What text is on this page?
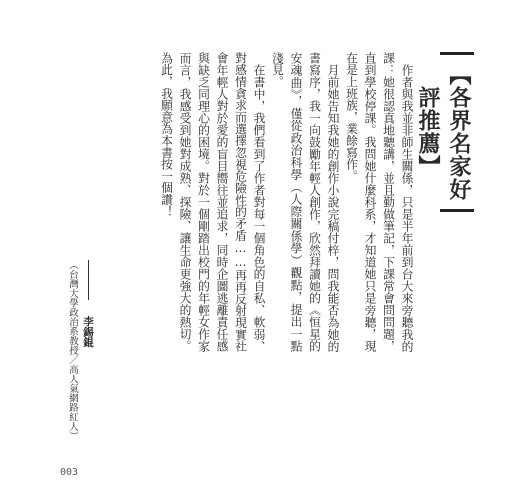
【各界名家好評推薦】

作者與我並非師生關係，只是半年前到台大來旁聽我的課：她很認真地聽講，並且勤做筆記，下課常會問問題，直到學校停課。我問她什麼科系，才知道她只是旁聽，現在是上班族，業餘寫作。

月前她告知我她的創作小說完稿付梓，問我能否為她的書寫序，我一向鼓勵年輕人創作，欣然拜讀她的《恒星的安魂曲》，僅從政治科學（人際關係學）觀點，提出一點淺見。

在書中，我們看到了作者對每一個角色的自私、軟弱、對感情貪求而選擇忽視危險性的矛盾……再再反射現實社會年輕人對於愛的盲目嚮往並追求，同時企圖逃離責任感與缺乏同理心的困境。對於一個剛踏出校門的年輕女作家而言，我感受到她對成熟、探險、讓生命更強大的熱切。為此，我願意為本書按一個讚！

李錫錕
（台灣大學政治系教授／高人氣網路紅人）
003
